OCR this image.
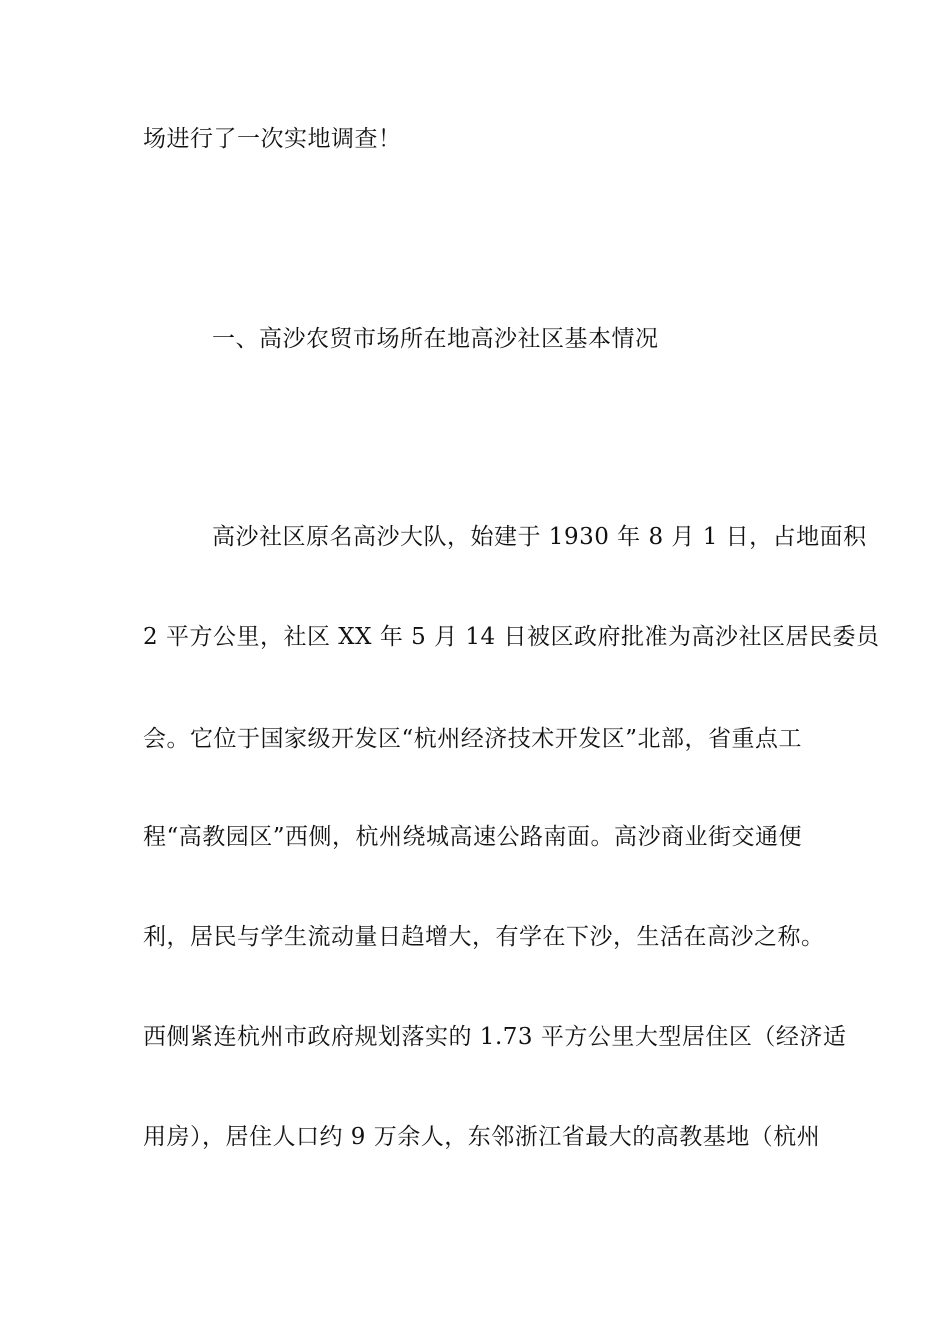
场进行了一次实地调查！
一、高沙农贸市场所在地高沙社区基本情况
高沙社区原名高沙大队，始建于 1930 年 8 月 1 日，占地面积
2 平方公里，社区 XX 年 5 月 14 日被区政府批准为高沙社区居民委员
会。它位于国家级开发区“杭州经济技术开发区”北部，省重点工
程“高教园区”西侧，杭州绕城高速公路南面。高沙商业街交通便
利，居民与学生流动量日趋增大，有学在下沙，生活在高沙之称。
西侧紧连杭州市政府规划落实的 1.73 平方公里大型居住区（经济适
用房），居住人口约 9 万余人，东邻浙江省最大的高教基地（杭州
